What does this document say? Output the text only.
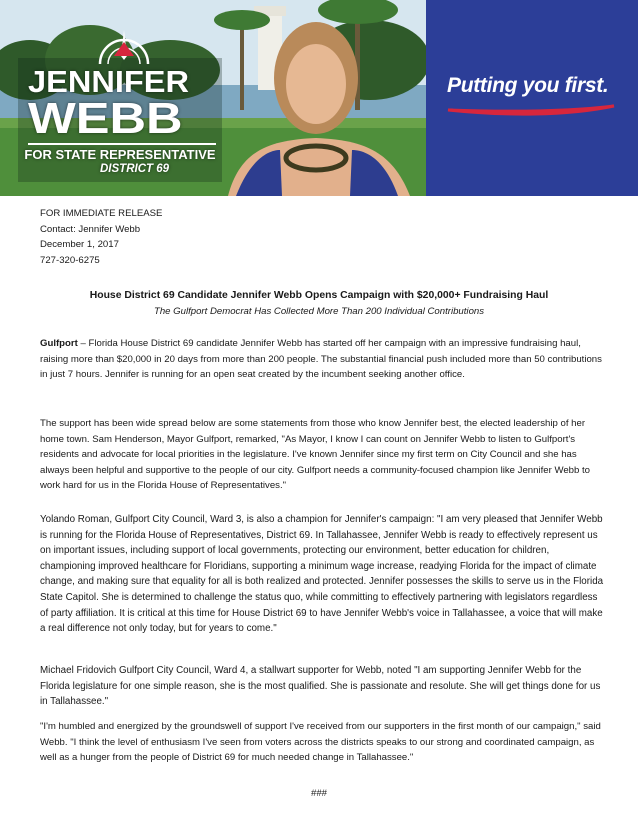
JENNIFER
WEBB
FOR STATE REPRESENTATIVE
DISTRICT 69
Putting you first.
FOR IMMEDIATE RELEASE
Contact: Jennifer Webb
December 1, 2017
727-320-6275
House District 69 Candidate Jennifer Webb Opens Campaign with $20,000+ Fundraising Haul
The Gulfport Democrat Has Collected More Than 200 Individual Contributions

Gulfport – Florida House District 69 candidate Jennifer Webb has started off her campaign with an impressive fundraising haul, raising more than $20,000 in 20 days from more than 200 people. The substantial financial push included more than 50 contributions in just 7 hours. Jennifer is running for an open seat created by the incumbent seeking another office.

The support has been wide spread below are some statements from those who know Jennifer best, the elected leadership of her home town. Sam Henderson, Mayor Gulfport, remarked, "As Mayor, I know I can count on Jennifer Webb to listen to Gulfport's residents and advocate for local priorities in the legislature. I've known Jennifer since my first term on City Council and she has always been helpful and supportive to the people of our city. Gulfport needs a community-focused champion like Jennifer Webb to work hard for us in the Florida House of Representatives."

Yolando Roman, Gulfport City Council, Ward 3, is also a champion for Jennifer's campaign: "I am very pleased that Jennifer Webb is running for the Florida House of Representatives, District 69. In Tallahassee, Jennifer Webb is ready to effectively represent us on important issues, including support of local governments, protecting our environment, better education for children, championing improved healthcare for Floridians, supporting a minimum wage increase, readying Florida for the impact of climate change, and making sure that equality for all is both realized and protected. Jennifer possesses the skills to serve us in the Florida State Capitol. She is determined to challenge the status quo, while committing to effectively partnering with legislators regardless of party affiliation. It is critical at this time for House District 69 to have Jennifer Webb's voice in Tallahassee, a voice that will make a real difference not only today, but for years to come."

Michael Fridovich Gulfport City Council, Ward 4, a stallwart supporter for Webb, noted "I am supporting Jennifer Webb for the Florida legislature for one simple reason, she is the most qualified. She is passionate and resolute. She will get things done for us in Tallahassee."

"I'm humbled and energized by the groundswell of support I've received from our supporters in the first month of our campaign," said Webb. "I think the level of enthusiasm I've seen from voters across the districts speaks to our strong and coordinated campaign, as well as a hunger from the people of District 69 for much needed change in Tallahassee."

###
